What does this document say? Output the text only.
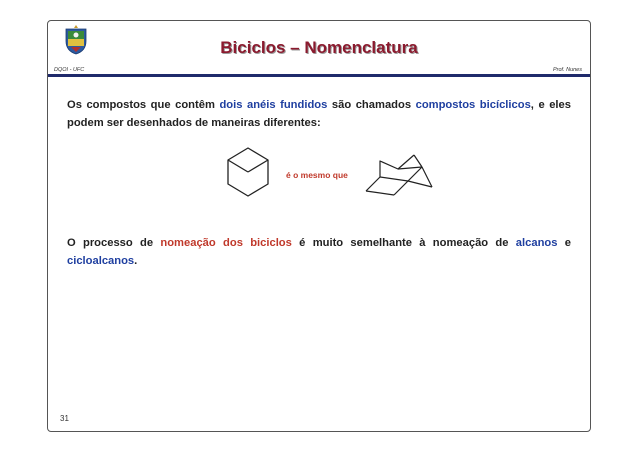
DQOI - UFC
Biciclos – Nomenclatura
Prof. Nunes
Os compostos que contêm dois anéis fundidos são chamados compostos bicíclicos, e eles podem ser desenhados de maneiras diferentes:
é o mesmo que
O processo de nomeação dos biciclos é muito semelhante à nomeação de alcanos e cicloalcanos.
31
